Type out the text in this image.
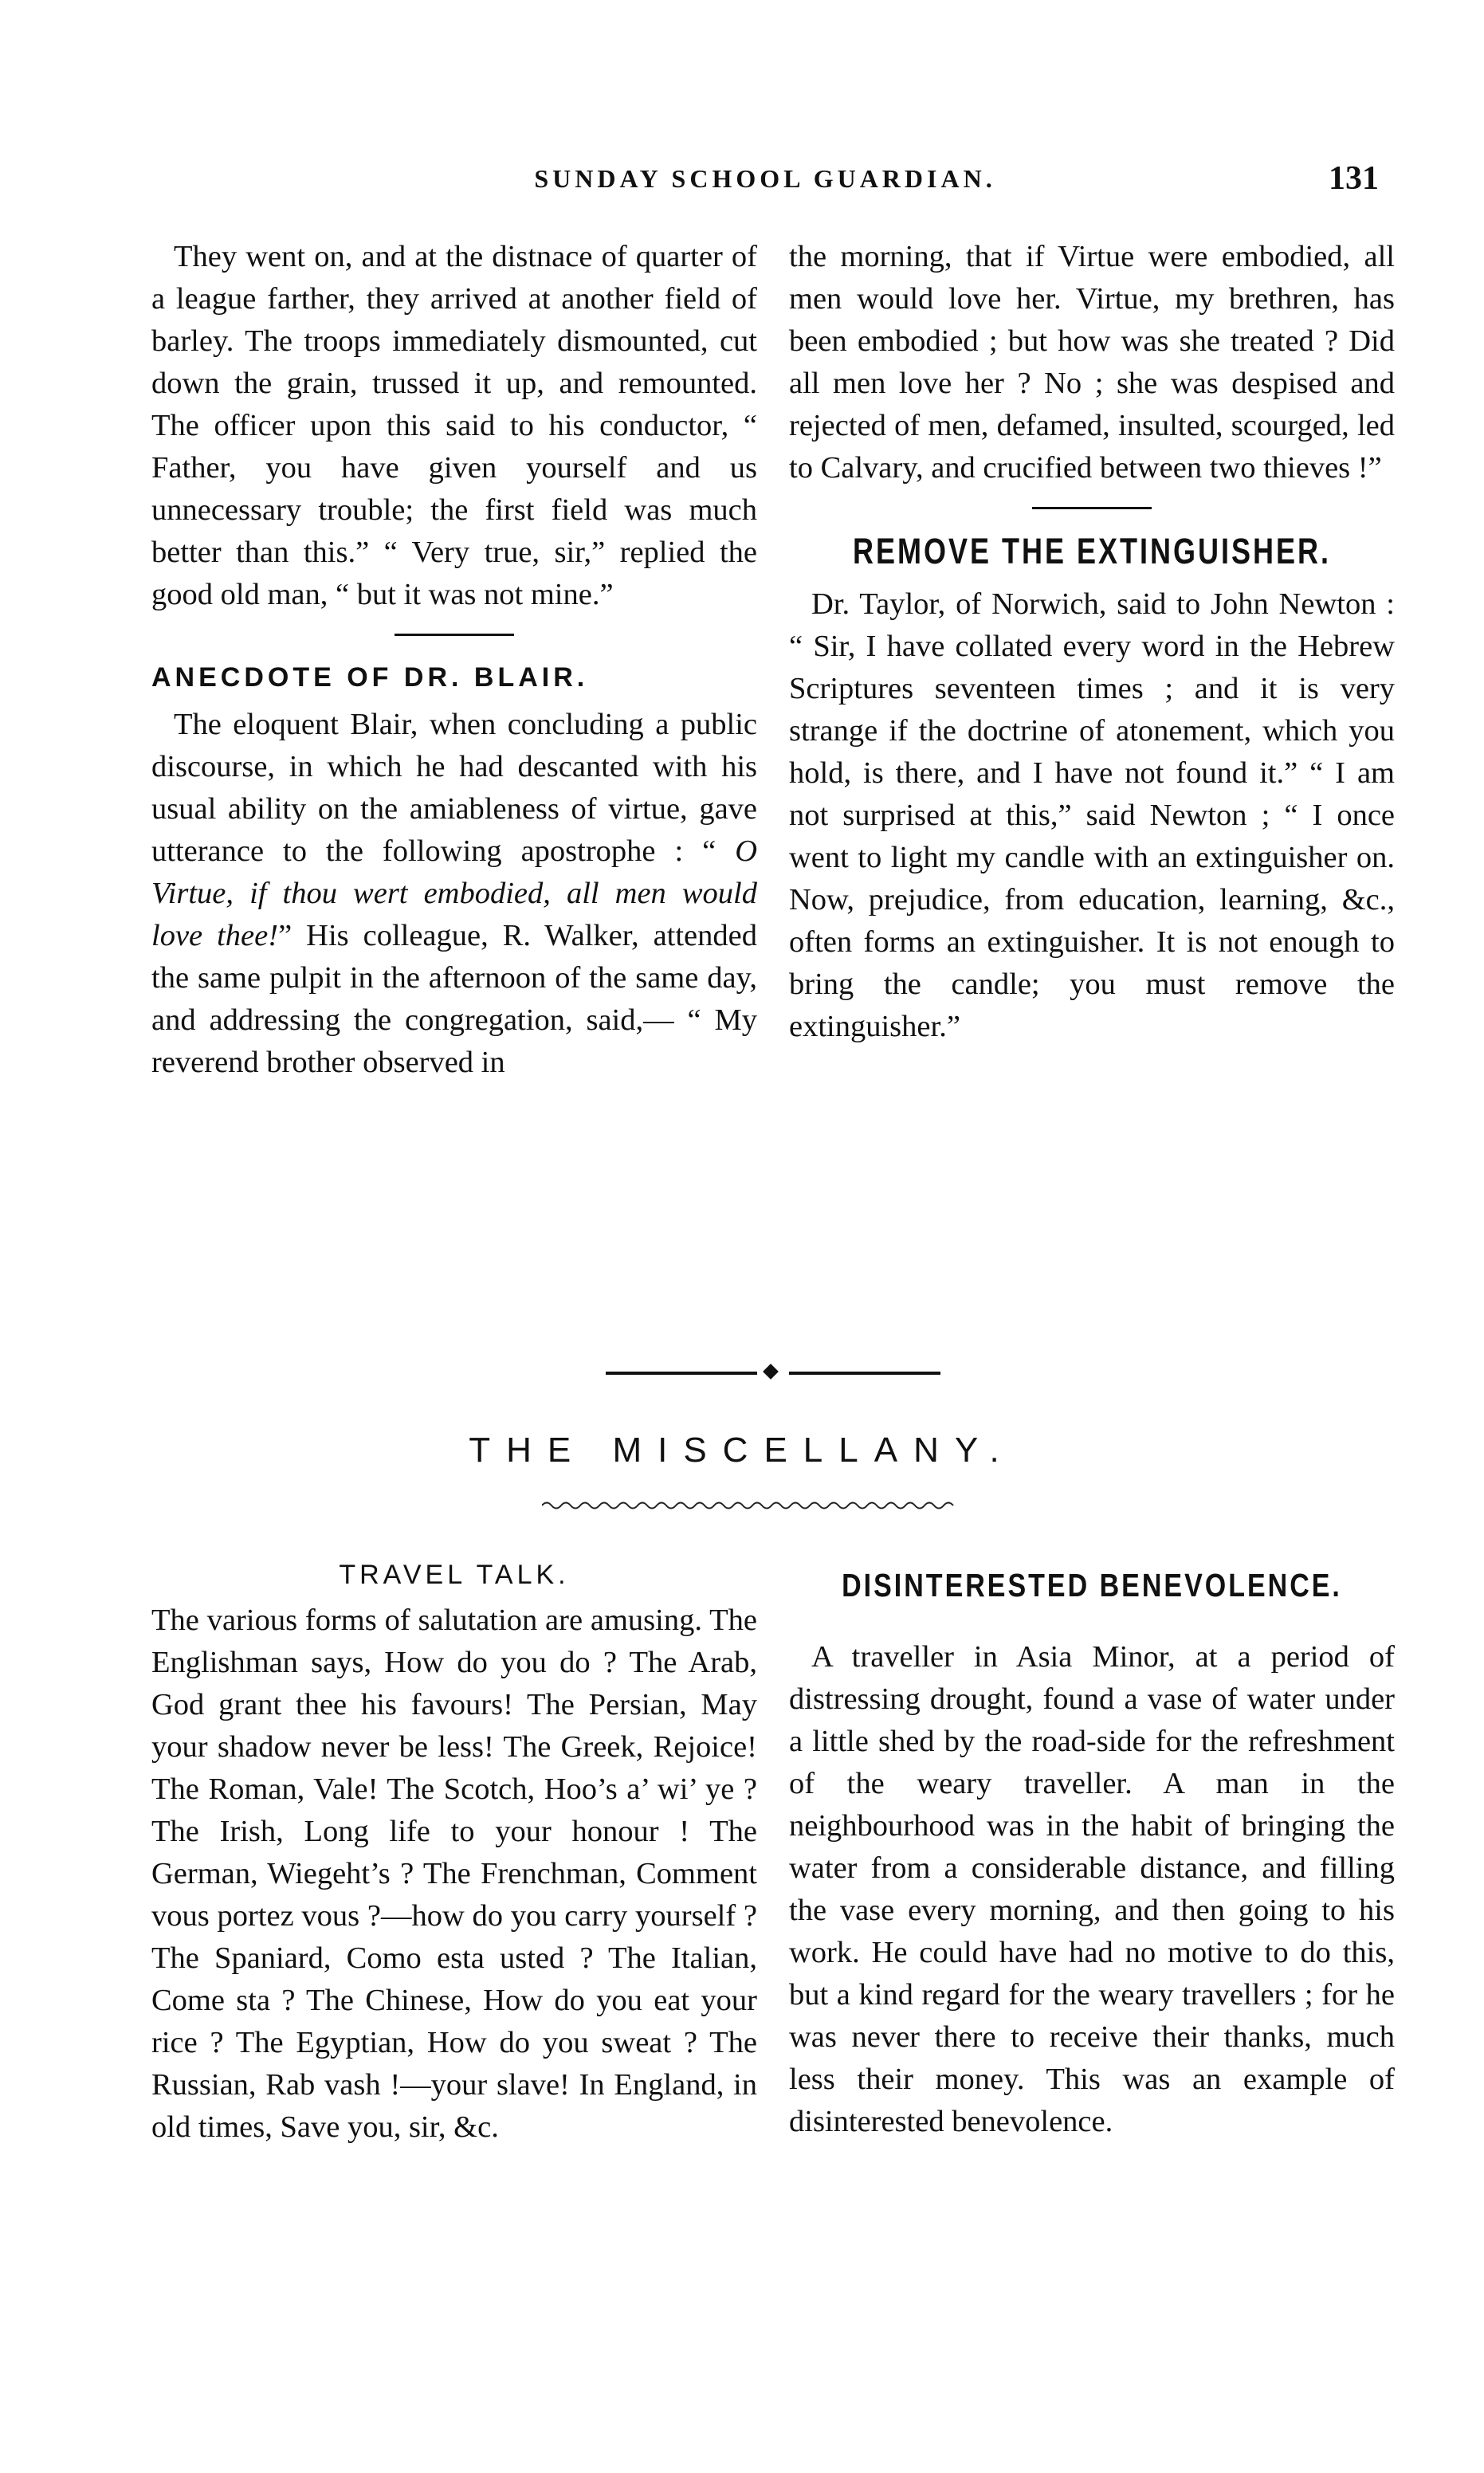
SUNDAY SCHOOL GUARDIAN.	131

They went on, and at the distnace of quarter of a league farther, they arrived at another field of barley. The troops immediately dismounted, cut down the grain, trussed it up, and remounted. The officer upon this said to his conductor, “ Father, you have given yourself and us unnecessary trouble; the first field was much better than this.” “ Very true, sir,” replied the good old man, “ but it was not mine.”

ANECDOTE OF DR. BLAIR.

The eloquent Blair, when concluding a public discourse, in which he had descanted with his usual ability on the amiableness of virtue, gave utterance to the following apostrophe : “ O Virtue, if thou wert embodied, all men would love thee!” His colleague, R. Walker, attended the same pulpit in the afternoon of the same day, and addressing the congregation, said,— “ My reverend brother observed in

the morning, that if Virtue were embodied, all men would love her. Virtue, my brethren, has been embodied ; but how was she treated ? Did all men love her ? No ; she was despised and rejected of men, defamed, insulted, scourged, led to Calvary, and crucified between two thieves !”

REMOVE THE EXTINGUISHER.

Dr. Taylor, of Norwich, said to John Newton : “ Sir, I have collated every word in the Hebrew Scriptures seventeen times ; and it is very strange if the doctrine of atonement, which you hold, is there, and I have not found it.” “ I am not surprised at this,” said Newton ; “ I once went to light my candle with an extinguisher on. Now, prejudice, from education, learning, &c., often forms an extinguisher. It is not enough to bring the candle; you must remove the extinguisher.”

THE MISCELLANY.
TRAVEL TALK.

The various forms of salutation are amusing. The Englishman says, How do you do ? The Arab, God grant thee his favours! The Persian, May your shadow never be less! The Greek, Rejoice! The Roman, Vale! The Scotch, Hoo’s a’ wi’ ye ? The Irish, Long life to your honour ! The German, Wiegeht’s ? The Frenchman, Comment vous portez vous ?—how do you carry yourself ? The Spaniard, Como esta usted ? The Italian, Come sta ? The Chinese, How do you eat your rice ? The Egyptian, How do you sweat ? The Russian, Rab vash !—your slave! In England, in old times, Save you, sir, &c.

DISINTERESTED BENEVOLENCE.

A traveller in Asia Minor, at a period of distressing drought, found a vase of water under a little shed by the road-side for the refreshment of the weary traveller. A man in the neighbourhood was in the habit of bringing the water from a considerable distance, and filling the vase every morning, and then going to his work. He could have had no motive to do this, but a kind regard for the weary travellers ; for he was never there to receive their thanks, much less their money. This was an example of disinterested benevolence.
